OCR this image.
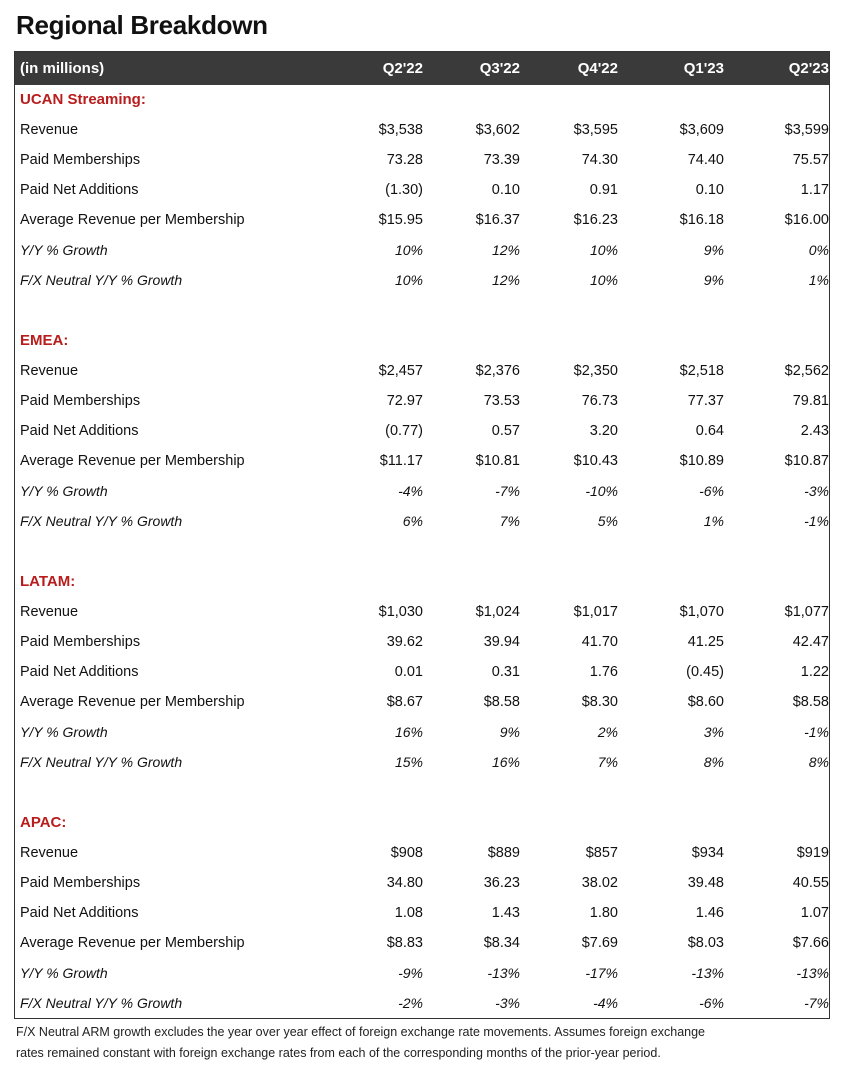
Regional Breakdown
(in millions)	Q2'22	Q3'22	Q4'22	Q1'23	Q2'23
UCAN Streaming:
Revenue	$3,538	$3,602	$3,595	$3,609	$3,599
Paid Memberships	73.28	73.39	74.30	74.40	75.57
Paid Net Additions	(1.30)	0.10	0.91	0.10	1.17
Average Revenue per Membership	$15.95	$16.37	$16.23	$16.18	$16.00
Y/Y % Growth	10%	12%	10%	9%	0%
F/X Neutral Y/Y % Growth	10%	12%	10%	9%	1%
EMEA:
Revenue	$2,457	$2,376	$2,350	$2,518	$2,562
Paid Memberships	72.97	73.53	76.73	77.37	79.81
Paid Net Additions	(0.77)	0.57	3.20	0.64	2.43
Average Revenue per Membership	$11.17	$10.81	$10.43	$10.89	$10.87
Y/Y % Growth	-4%	-7%	-10%	-6%	-3%
F/X Neutral Y/Y % Growth	6%	7%	5%	1%	-1%
LATAM:
Revenue	$1,030	$1,024	$1,017	$1,070	$1,077
Paid Memberships	39.62	39.94	41.70	41.25	42.47
Paid Net Additions	0.01	0.31	1.76	(0.45)	1.22
Average Revenue per Membership	$8.67	$8.58	$8.30	$8.60	$8.58
Y/Y % Growth	16%	9%	2%	3%	-1%
F/X Neutral Y/Y % Growth	15%	16%	7%	8%	8%
APAC:
Revenue	$908	$889	$857	$934	$919
Paid Memberships	34.80	36.23	38.02	39.48	40.55
Paid Net Additions	1.08	1.43	1.80	1.46	1.07
Average Revenue per Membership	$8.83	$8.34	$7.69	$8.03	$7.66
Y/Y % Growth	-9%	-13%	-17%	-13%	-13%
F/X Neutral Y/Y % Growth	-2%	-3%	-4%	-6%	-7%
F/X Neutral ARM growth excludes the year over year effect of foreign exchange rate movements. Assumes foreign exchange
rates remained constant with foreign exchange rates from each of the corresponding months of the prior-year period.
